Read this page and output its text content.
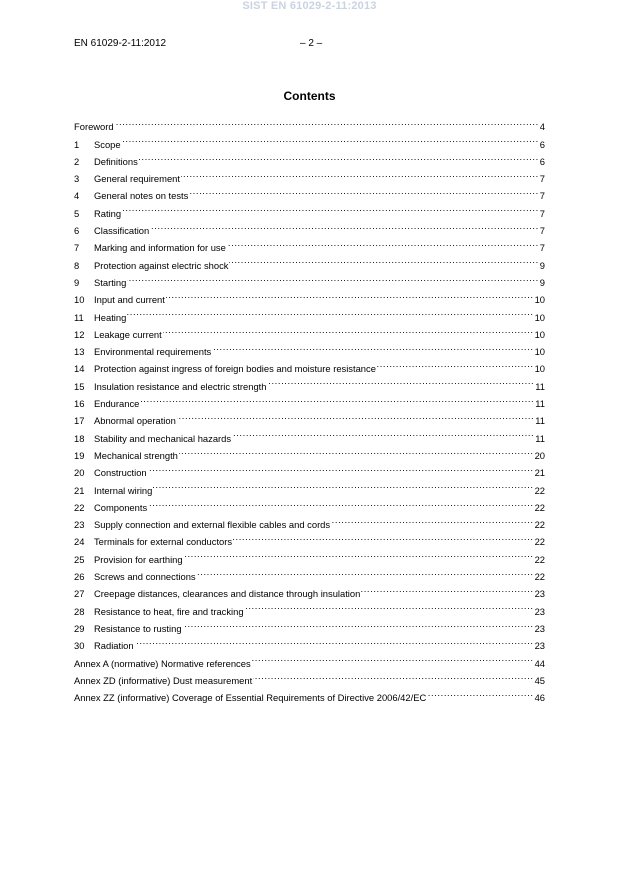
SIST EN 61029-2-11:2013
EN 61029-2-11:2012	– 2 –
Contents
Foreword .....	4
1	Scope .....	6
2	Definitions .....	6
3	General requirement .....	7
4	General notes on tests .....	7
5	Rating .....	7
6	Classification .....	7
7	Marking and information for use .....	7
8	Protection against electric shock .....	9
9	Starting .....	9
10	Input and current .....	10
11	Heating .....	10
12	Leakage current .....	10
13	Environmental requirements .....	10
14	Protection against ingress of foreign bodies and moisture resistance .....	10
15	Insulation resistance and electric strength .....	11
16	Endurance .....	11
17	Abnormal operation .....	11
18	Stability and mechanical hazards .....	11
19	Mechanical strength .....	20
20	Construction .....	21
21	Internal wiring .....	22
22	Components .....	22
23	Supply connection and external flexible cables and cords .....	22
24	Terminals for external conductors .....	22
25	Provision for earthing .....	22
26	Screws and connections .....	22
27	Creepage distances, clearances and distance through insulation .....	23
28	Resistance to heat, fire and tracking .....	23
29	Resistance to rusting .....	23
30	Radiation .....	23
Annex A (normative) Normative references .....	44
Annex ZD (informative) Dust measurement .....	45
Annex ZZ (informative) Coverage of Essential Requirements of Directive 2006/42/EC .....	46
